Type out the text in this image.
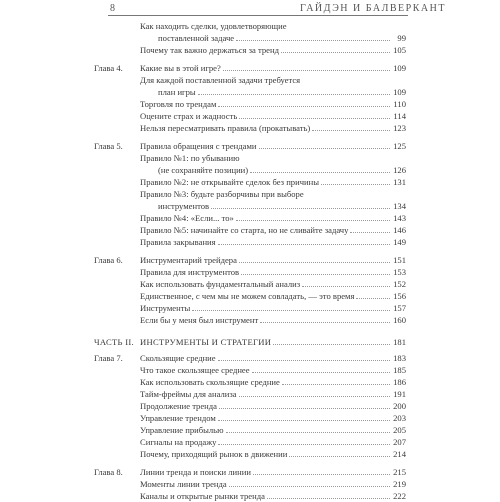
8	ГАЙДЭН И БАЛВЕРКАНТ
Как находить сделки, удовлетворяющие
поставленной задаче	99
Почему так важно держаться за тренд	105
Глава 4. Какие вы в этой игре?	109
Для каждой поставленной задачи требуется
план игры	109
Торговля по трендам	110
Оцените страх и жадность	114
Нельзя пересматривать правила (прокатывать)	123
Глава 5. Правила обращения с трендами	125
Правило №1: по убыванию
(не сохраняйте позиции)	126
Правило №2: не открывайте сделок без причины	131
Правило №3: будьте разборчивы при выборе
инструментов	134
Правило №4: «Если... то»	143
Правило №5: начинайте со старта, но не сливайте задачу	146
Правила закрывания	149
Глава 6. Инструментарий трейдера	151
Правила для инструментов	153
Как использовать фундаментальный анализ	152
Единственное, с чем мы не можем совладать, — это время	156
Инструменты	157
Если бы у меня был инструмент	160
ЧАСТЬ II. ИНСТРУМЕНТЫ И СТРАТЕГИИ	181
Глава 7. Скользящие средние	183
Что такое скользящее среднее	185
Как использовать скользящие средние	186
Тайм-фреймы для анализа	191
Продолжение тренда	200
Управление трендом	203
Управление прибылью	205
Сигналы на продажу	207
Почему, приходящий рынок в движении	214
Глава 8. Линии тренда и поиски линии	215
Моменты линии тренда	219
Каналы и открытые рынки тренда	222
